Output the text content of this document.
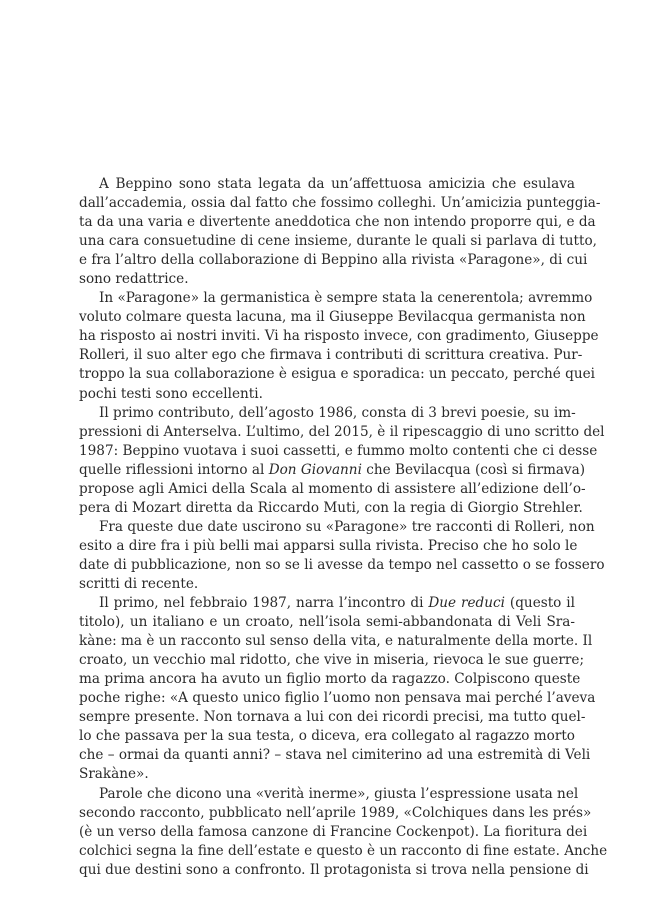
A Beppino sono stata legata da un’affettuosa amicizia che esulava
dall’accademia, ossia dal fatto che fossimo colleghi. Un’amicizia punteggia-
ta da una varia e divertente aneddotica che non intendo proporre qui, e da
una cara consuetudine di cene insieme, durante le quali si parlava di tutto,
e fra l’altro della collaborazione di Beppino alla rivista «Paragone», di cui
sono redattrice.
In «Paragone» la germanistica è sempre stata la cenerentola; avremmo
voluto colmare questa lacuna, ma il Giuseppe Bevilacqua germanista non
ha risposto ai nostri inviti. Vi ha risposto invece, con gradimento, Giuseppe
Rolleri, il suo alter ego che firmava i contributi di scrittura creativa. Pur-
troppo la sua collaborazione è esigua e sporadica: un peccato, perché quei
pochi testi sono eccellenti.
Il primo contributo, dell’agosto 1986, consta di 3 brevi poesie, su im-
pressioni di Anterselva. L’ultimo, del 2015, è il ripescaggio di uno scritto del
1987: Beppino vuotava i suoi cassetti, e fummo molto contenti che ci desse
quelle riflessioni intorno al Don Giovanni che Bevilacqua (così si firmava)
propose agli Amici della Scala al momento di assistere all’edizione dell’o-
pera di Mozart diretta da Riccardo Muti, con la regia di Giorgio Strehler.
Fra queste due date uscirono su «Paragone» tre racconti di Rolleri, non
esito a dire fra i più belli mai apparsi sulla rivista. Preciso che ho solo le
date di pubblicazione, non so se li avesse da tempo nel cassetto o se fossero
scritti di recente.
Il primo, nel febbraio 1987, narra l’incontro di Due reduci (questo il
titolo), un italiano e un croato, nell’isola semi-abbandonata di Veli Sra-
kàne: ma è un racconto sul senso della vita, e naturalmente della morte. Il
croato, un vecchio mal ridotto, che vive in miseria, rievoca le sue guerre;
ma prima ancora ha avuto un figlio morto da ragazzo. Colpiscono queste
poche righe: «A questo unico figlio l’uomo non pensava mai perché l’aveva
sempre presente. Non tornava a lui con dei ricordi precisi, ma tutto quel-
lo che passava per la sua testa, o diceva, era collegato al ragazzo morto
che – ormai da quanti anni? – stava nel cimiterino ad una estremità di Veli
Srakàne».
Parole che dicono una «verità inerme», giusta l’espressione usata nel
secondo racconto, pubblicato nell’aprile 1989, «Colchiques dans les prés»
(è un verso della famosa canzone di Francine Cockenpot). La fioritura dei
colchici segna la fine dell’estate e questo è un racconto di fine estate. Anche
qui due destini sono a confronto. Il protagonista si trova nella pensione di
